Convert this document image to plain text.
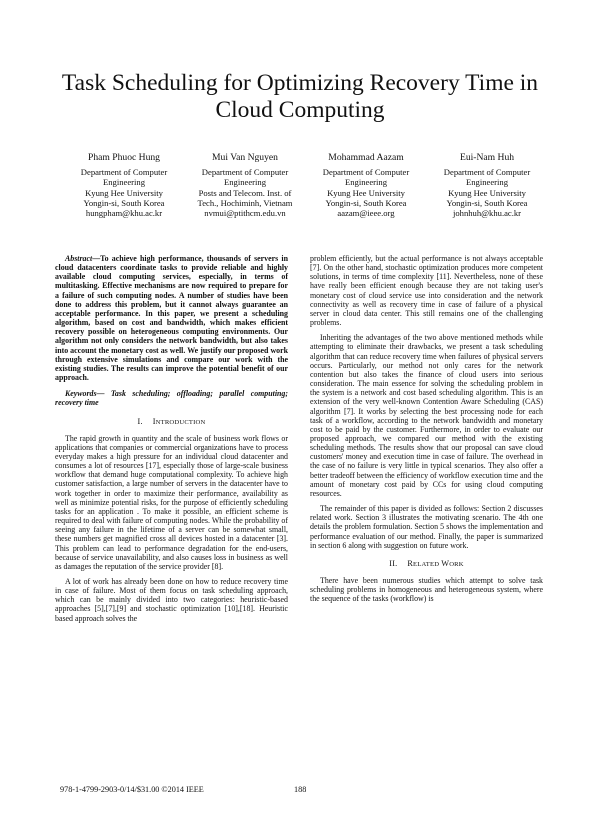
Task Scheduling for Optimizing Recovery Time in Cloud Computing
Pham Phuoc Hung
Department of Computer
Engineering
Kyung Hee University
Yongin-si, South Korea
hungpham@khu.ac.kr
Mui Van Nguyen
Department of Computer
Engineering
Posts and Telecom. Inst. of
Tech., Hochiminh, Vietnam
nvmui@ptithcm.edu.vn
Mohammad Aazam
Department of Computer
Engineering
Kyung Hee University
Yongin-si, South Korea
aazam@ieee.org
Eui-Nam Huh
Department of Computer
Engineering
Kyung Hee University
Yongin-si, South Korea
johnhuh@khu.ac.kr

Abstract—To achieve high performance, thousands of servers in cloud datacenters coordinate tasks to provide reliable and highly available cloud computing services, especially, in terms of multitasking. Effective mechanisms are now required to prepare for a failure of such computing nodes. A number of studies have been done to address this problem, but it cannot always guarantee an acceptable performance. In this paper, we present a scheduling algorithm, based on cost and bandwidth, which makes efficient recovery possible on heterogeneous computing environments. Our algorithm not only considers the network bandwidth, but also takes into account the monetary cost as well. We justify our proposed work through extensive simulations and compare our work with the existing studies. The results can improve the potential benefit of our approach.

Keywords— Task scheduling; offloading; parallel computing; recovery time

I. INTRODUCTION

The rapid growth in quantity and the scale of business work flows or applications that companies or commercial organizations have to process everyday makes a high pressure for an individual cloud datacenter and consumes a lot of resources [17], especially those of large-scale business workflow that demand huge computational complexity. To achieve high customer satisfaction, a large number of servers in the datacenter have to work together in order to maximize their performance, availability as well as minimize potential risks, for the purpose of efficiently scheduling tasks for an application . To make it possible, an efficient scheme is required to deal with failure of computing nodes. While the probability of seeing any failure in the lifetime of a server can be somewhat small, these numbers get magnified cross all devices hosted in a datacenter [3]. This problem can lead to performance degradation for the end-users, because of service unavailability, and also causes loss in business as well as damages the reputation of the service provider [8].

A lot of work has already been done on how to reduce recovery time in case of failure. Most of them focus on task scheduling approach, which can be mainly divided into two categories: heuristic-based approaches [5],[7],[9] and stochastic optimization [10],[18]. Heuristic based approach solves the

problem efficiently, but the actual performance is not always acceptable [7]. On the other hand, stochastic optimization produces more competent solutions, in terms of time complexity [11]. Nevertheless, none of these have really been efficient enough because they are not taking user's monetary cost of cloud service use into consideration and the network connectivity as well as recovery time in case of failure of a physical server in cloud data center. This still remains one of the challenging problems.

Inheriting the advantages of the two above mentioned methods while attempting to eliminate their drawbacks, we present a task scheduling algorithm that can reduce recovery time when failures of physical servers occurs. Particularly, our method not only cares for the network contention but also takes the finance of cloud users into serious consideration. The main essence for solving the scheduling problem in the system is a network and cost based scheduling algorithm. This is an extension of the very well-known Contention Aware Scheduling (CAS) algorithm [7]. It works by selecting the best processing node for each task of a workflow, according to the network bandwidth and monetary cost to be paid by the customer. Furthermore, in order to evaluate our proposed approach, we compared our method with the existing scheduling methods. The results show that our proposal can save cloud customers' money and execution time in case of failure. The overhead in the case of no failure is very little in typical scenarios. They also offer a better tradeoff between the efficiency of workflow execution time and the amount of monetary cost paid by CCs for using cloud computing resources.

The remainder of this paper is divided as follows: Section 2 discusses related work. Section 3 illustrates the motivating scenario. The 4th one details the problem formulation. Section 5 shows the implementation and performance evaluation of our method. Finally, the paper is summarized in section 6 along with suggestion on future work.

II. RELATED WORK

There have been numerous studies which attempt to solve task scheduling problems in homogeneous and heterogeneous system, where the sequence of the tasks (workflow) is

978-1-4799-2903-0/14/$31.00 ©2014 IEEE	188
